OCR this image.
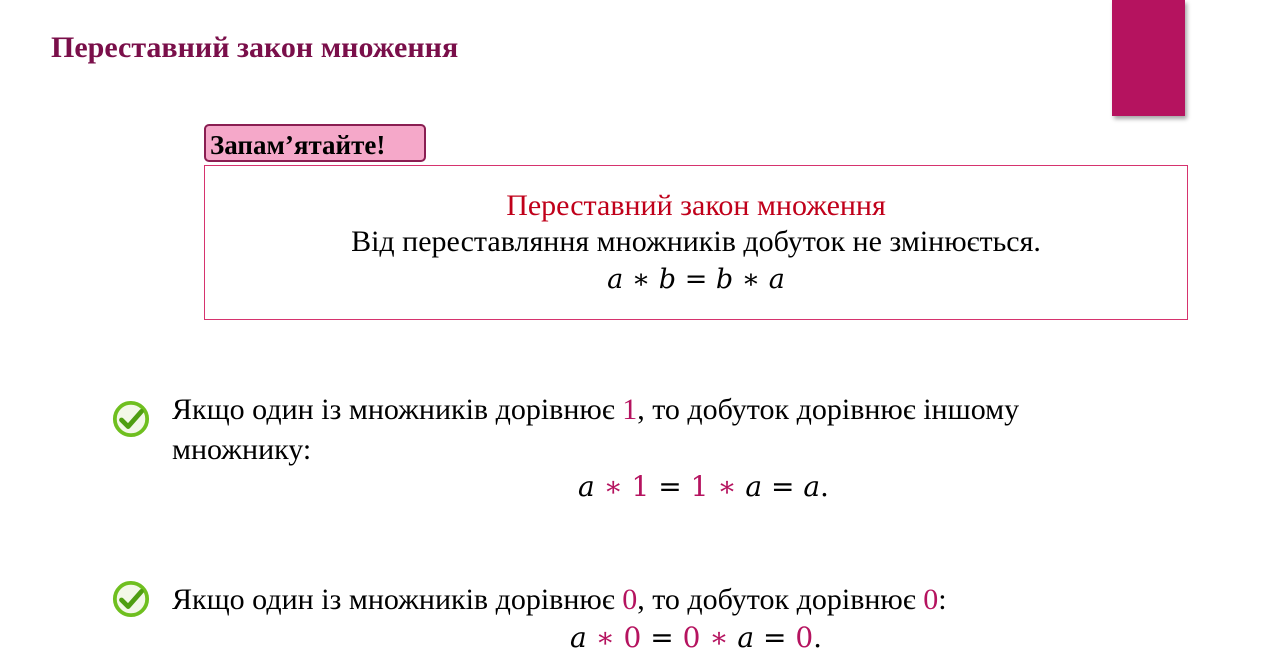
Переставний закон множення
Запам’ятайте!
Переставний закон множення
Від переставляння множників добуток не змінюється.
a ∗ b = b ∗ a
Якщо один із множників дорівнює 1, то добуток дорівнює іншому множнику:
a ∗ 1 = 1 ∗ a = a.
Якщо один із множників дорівнює 0, то добуток дорівнює 0:
a ∗ 0 = 0 ∗ a = 0.
